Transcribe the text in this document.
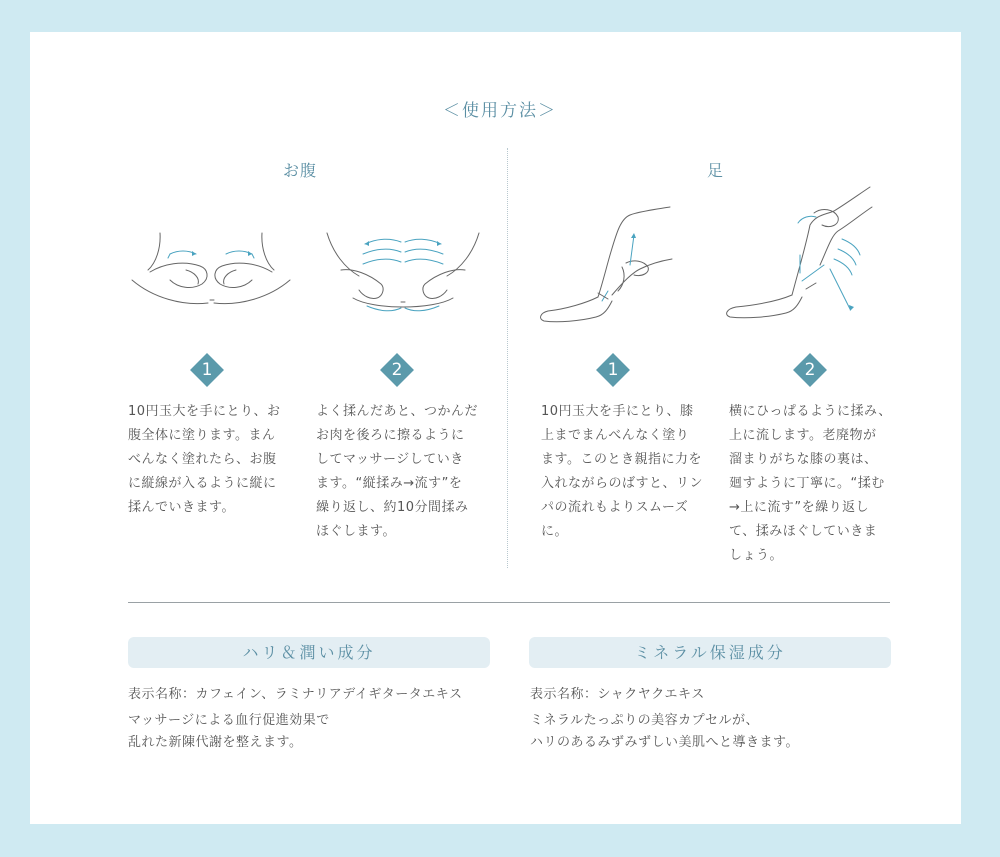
＜使用方法＞
お腹	足
1	2	1	2
10円玉大を手にとり、お
腹全体に塗ります。まん
べんなく塗れたら、お腹
に縦線が入るように縦に
揉んでいきます。
よく揉んだあと、つかんだ
お肉を後ろに擦るように
してマッサージしていき
ます。“縦揉み→流す”を
繰り返し、約10分間揉み
ほぐします。
10円玉大を手にとり、膝
上までまんべんなく塗り
ます。このとき親指に力を
入れながらのばすと、リン
パの流れもよりスムーズ
に。
横にひっぱるように揉み、
上に流します。老廃物が
溜まりがちな膝の裏は、
廻すように丁寧に。“揉む
→上に流す”を繰り返し
て、揉みほぐしていきま
しょう。
ハリ＆潤い成分	ミネラル保湿成分
表示名称：カフェイン、ラミナリアデイギタータエキス	表示名称：シャクヤクエキス
マッサージによる血行促進効果で
乱れた新陳代謝を整えます。
ミネラルたっぷりの美容カプセルが、
ハリのあるみずみずしい美肌へと導きます。
